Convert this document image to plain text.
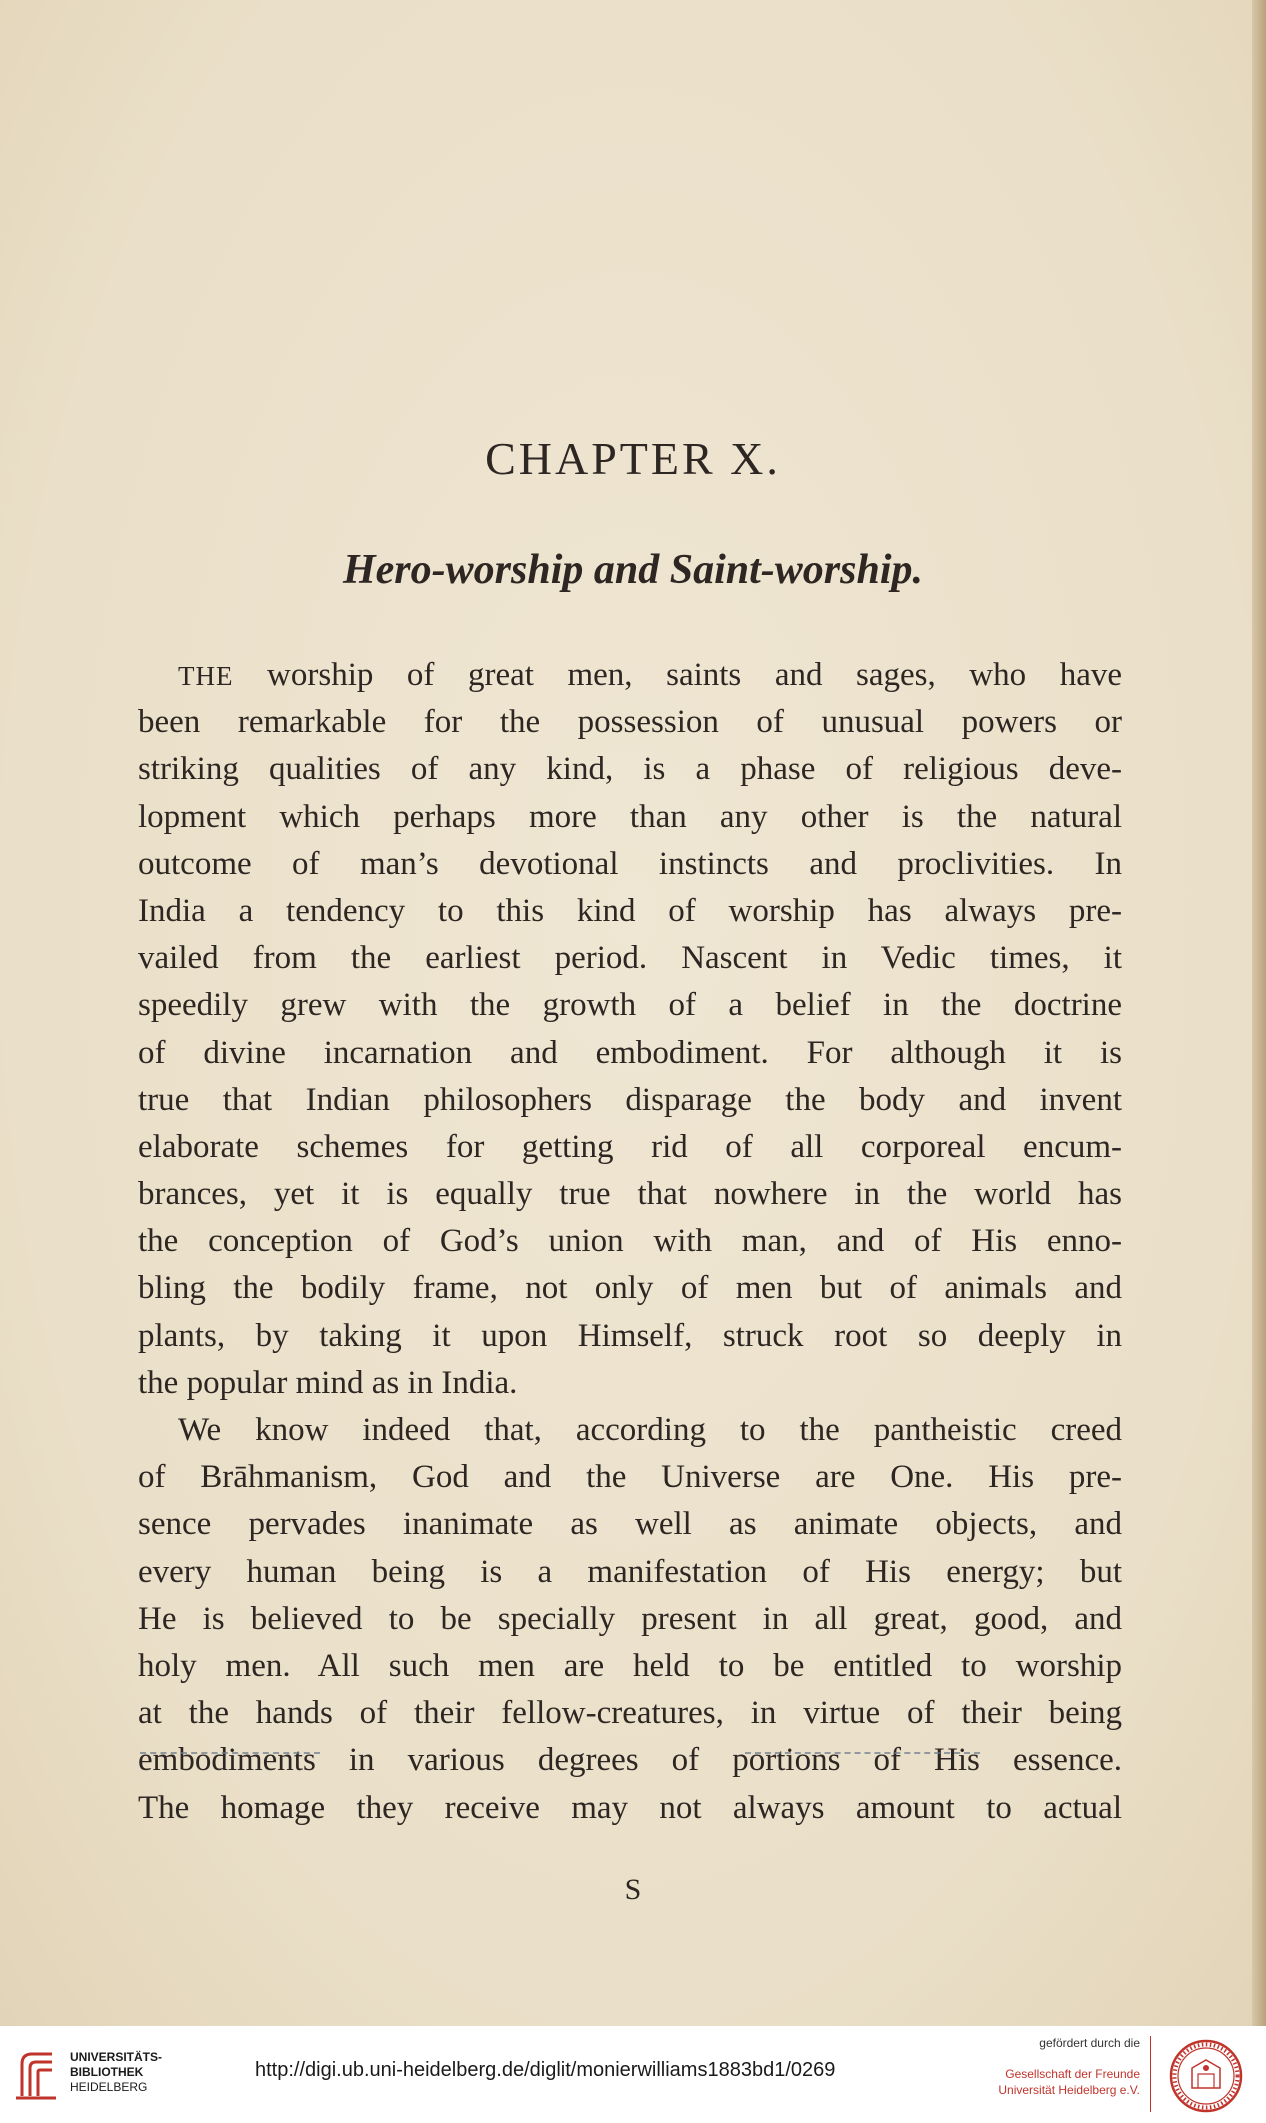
CHAPTER X.
Hero-worship and Saint-worship.
THE worship of great men, saints and sages, who have
been remarkable for the possession of unusual powers or
striking qualities of any kind, is a phase of religious deve-
lopment which perhaps more than any other is the natural
outcome of man’s devotional instincts and proclivities. In
India a tendency to this kind of worship has always pre-
vailed from the earliest period. Nascent in Vedic times, it
speedily grew with the growth of a belief in the doctrine
of divine incarnation and embodiment. For although it is
true that Indian philosophers disparage the body and invent
elaborate schemes for getting rid of all corporeal encum-
brances, yet it is equally true that nowhere in the world has
the conception of God’s union with man, and of His enno-
bling the bodily frame, not only of men but of animals and
plants, by taking it upon Himself, struck root so deeply in
the popular mind as in India.
We know indeed that, according to the pantheistic creed
of Brāhmanism, God and the Universe are One. His pre-
sence pervades inanimate as well as animate objects, and
every human being is a manifestation of His energy; but
He is believed to be specially present in all great, good, and
holy men. All such men are held to be entitled to worship
at the hands of their fellow-creatures, in virtue of their being
embodiments in various degrees of portions of His essence.
The homage they receive may not always amount to actual
S
UNIVERSITÄTS-
BIBLIOTHEK
HEIDELBERG
http://digi.ub.uni-heidelberg.de/diglit/monierwilliams1883bd1/0269
gefördert durch die
Gesellschaft der Freunde
Universität Heidelberg e.V.
